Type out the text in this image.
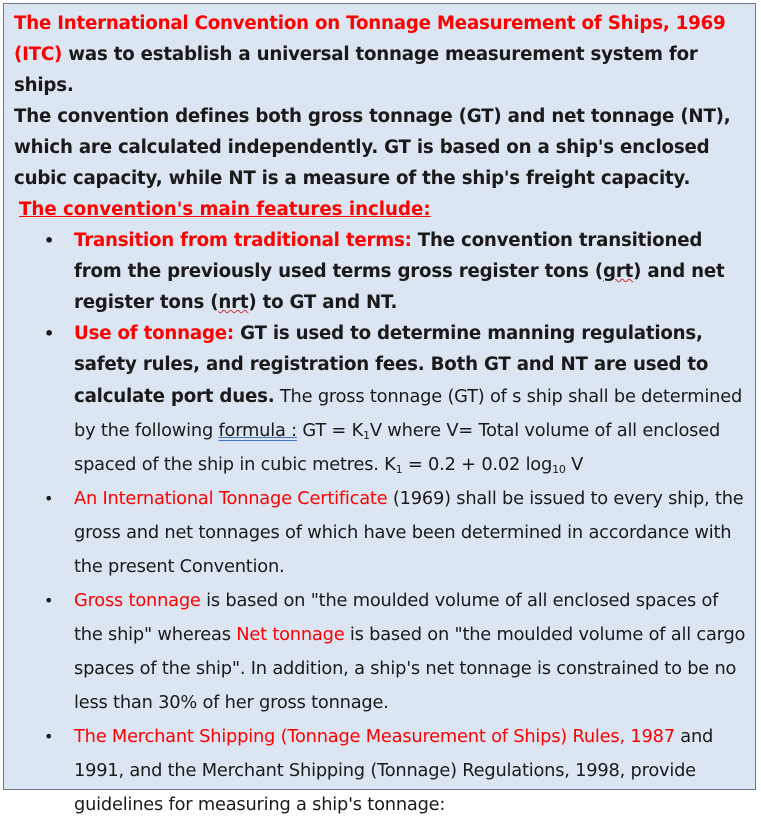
The International Convention on Tonnage Measurement of Ships, 1969 (ITC) was to establish a universal tonnage measurement system for ships.
The convention defines both gross tonnage (GT) and net tonnage (NT), which are calculated independently. GT is based on a ship's enclosed cubic capacity, while NT is a measure of the ship's freight capacity.
The convention's main features include:
• Transition from traditional terms: The convention transitioned from the previously used terms gross register tons (grt) and net register tons (nrt) to GT and NT.
• Use of tonnage: GT is used to determine manning regulations, safety rules, and registration fees. Both GT and NT are used to calculate port dues. The gross tonnage (GT) of s ship shall be determined by the following formula : GT = $K_1V$ where V= Total volume of all enclosed spaced of the ship in cubic metres. $K_1 = 0.2 + 0.02$ $\log_{10} V$
• An International Tonnage Certificate (1969) shall be issued to every ship, the gross and net tonnages of which have been determined in accordance with the present Convention.
• Gross tonnage is based on "the moulded volume of all enclosed spaces of the ship" whereas Net tonnage is based on "the moulded volume of all cargo spaces of the ship". In addition, a ship's net tonnage is constrained to be no less than 30% of her gross tonnage.
• The Merchant Shipping (Tonnage Measurement of Ships) Rules, 1987 and 1991, and the Merchant Shipping (Tonnage) Regulations, 1998, provide guidelines for measuring a ship's tonnage:
